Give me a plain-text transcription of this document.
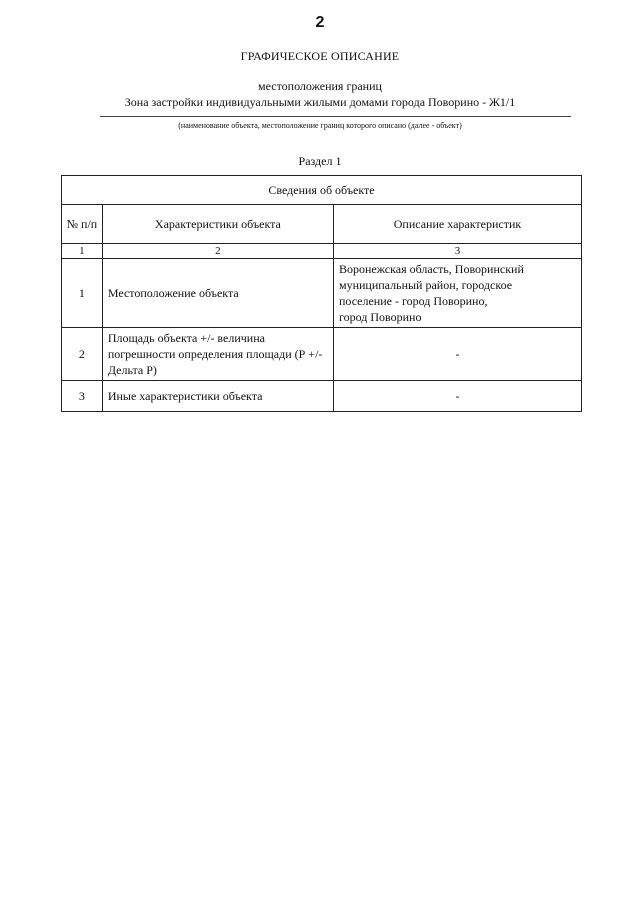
2
ГРАФИЧЕСКОЕ ОПИСАНИЕ
местоположения границ
Зона застройки индивидуальными жилыми домами города Поворино - Ж1/1
(наименование объекта, местоположение границ которого описано (далее - объект)
Раздел 1
Сведения об объекте		
№ п/п	Характеристики объекта	Описание характеристик
1	2	3
1	Местоположение объекта	Воронежская область, Поворинский
муниципальный район, городское
поселение - город Поворино,
город Поворино

2	Площадь объекта +/- величина погрешности определения площади (Р +/- Дельта Р)	-
3	Иные характеристики объекта	-
